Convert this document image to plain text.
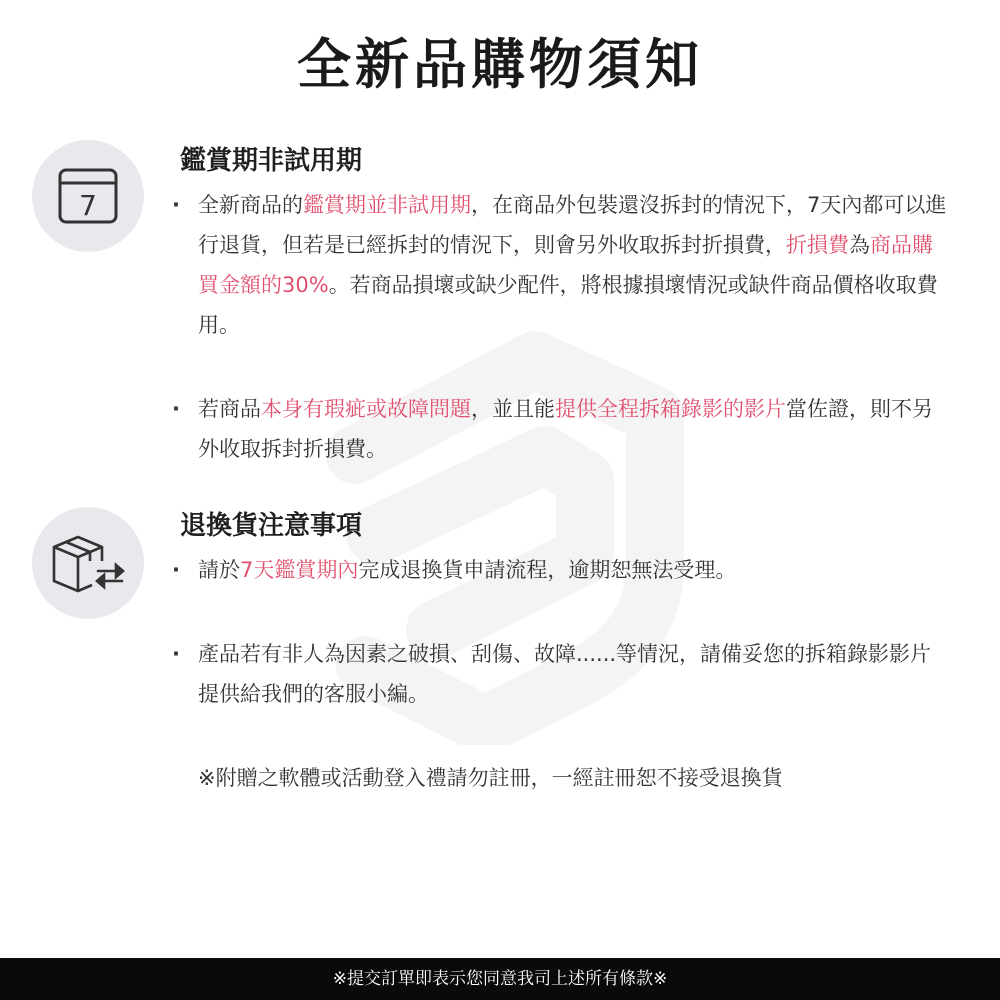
全新品購物須知
7
鑑賞期非試用期

· 全新商品的鑑賞期並非試用期，在商品外包裝還沒拆封的情況下，7天內都可以進行退貨，但若是已經拆封的情況下，則會另外收取拆封折損費，折損費為商品購買金額的30%。若商品損壞或缺少配件，將根據損壞情況或缺件商品價格收取費用。

· 若商品本身有瑕疵或故障問題，並且能提供全程拆箱錄影的影片當佐證，則不另外收取拆封折損費。

退換貨注意事項

· 請於7天鑑賞期內完成退換貨申請流程，逾期恕無法受理。

· 產品若有非人為因素之破損、刮傷、故障......等情況，請備妥您的拆箱錄影影片提供給我們的客服小編。

※附贈之軟體或活動登入禮請勿註冊，一經註冊恕不接受退換貨

※提交訂單即表示您同意我司上述所有條款※
